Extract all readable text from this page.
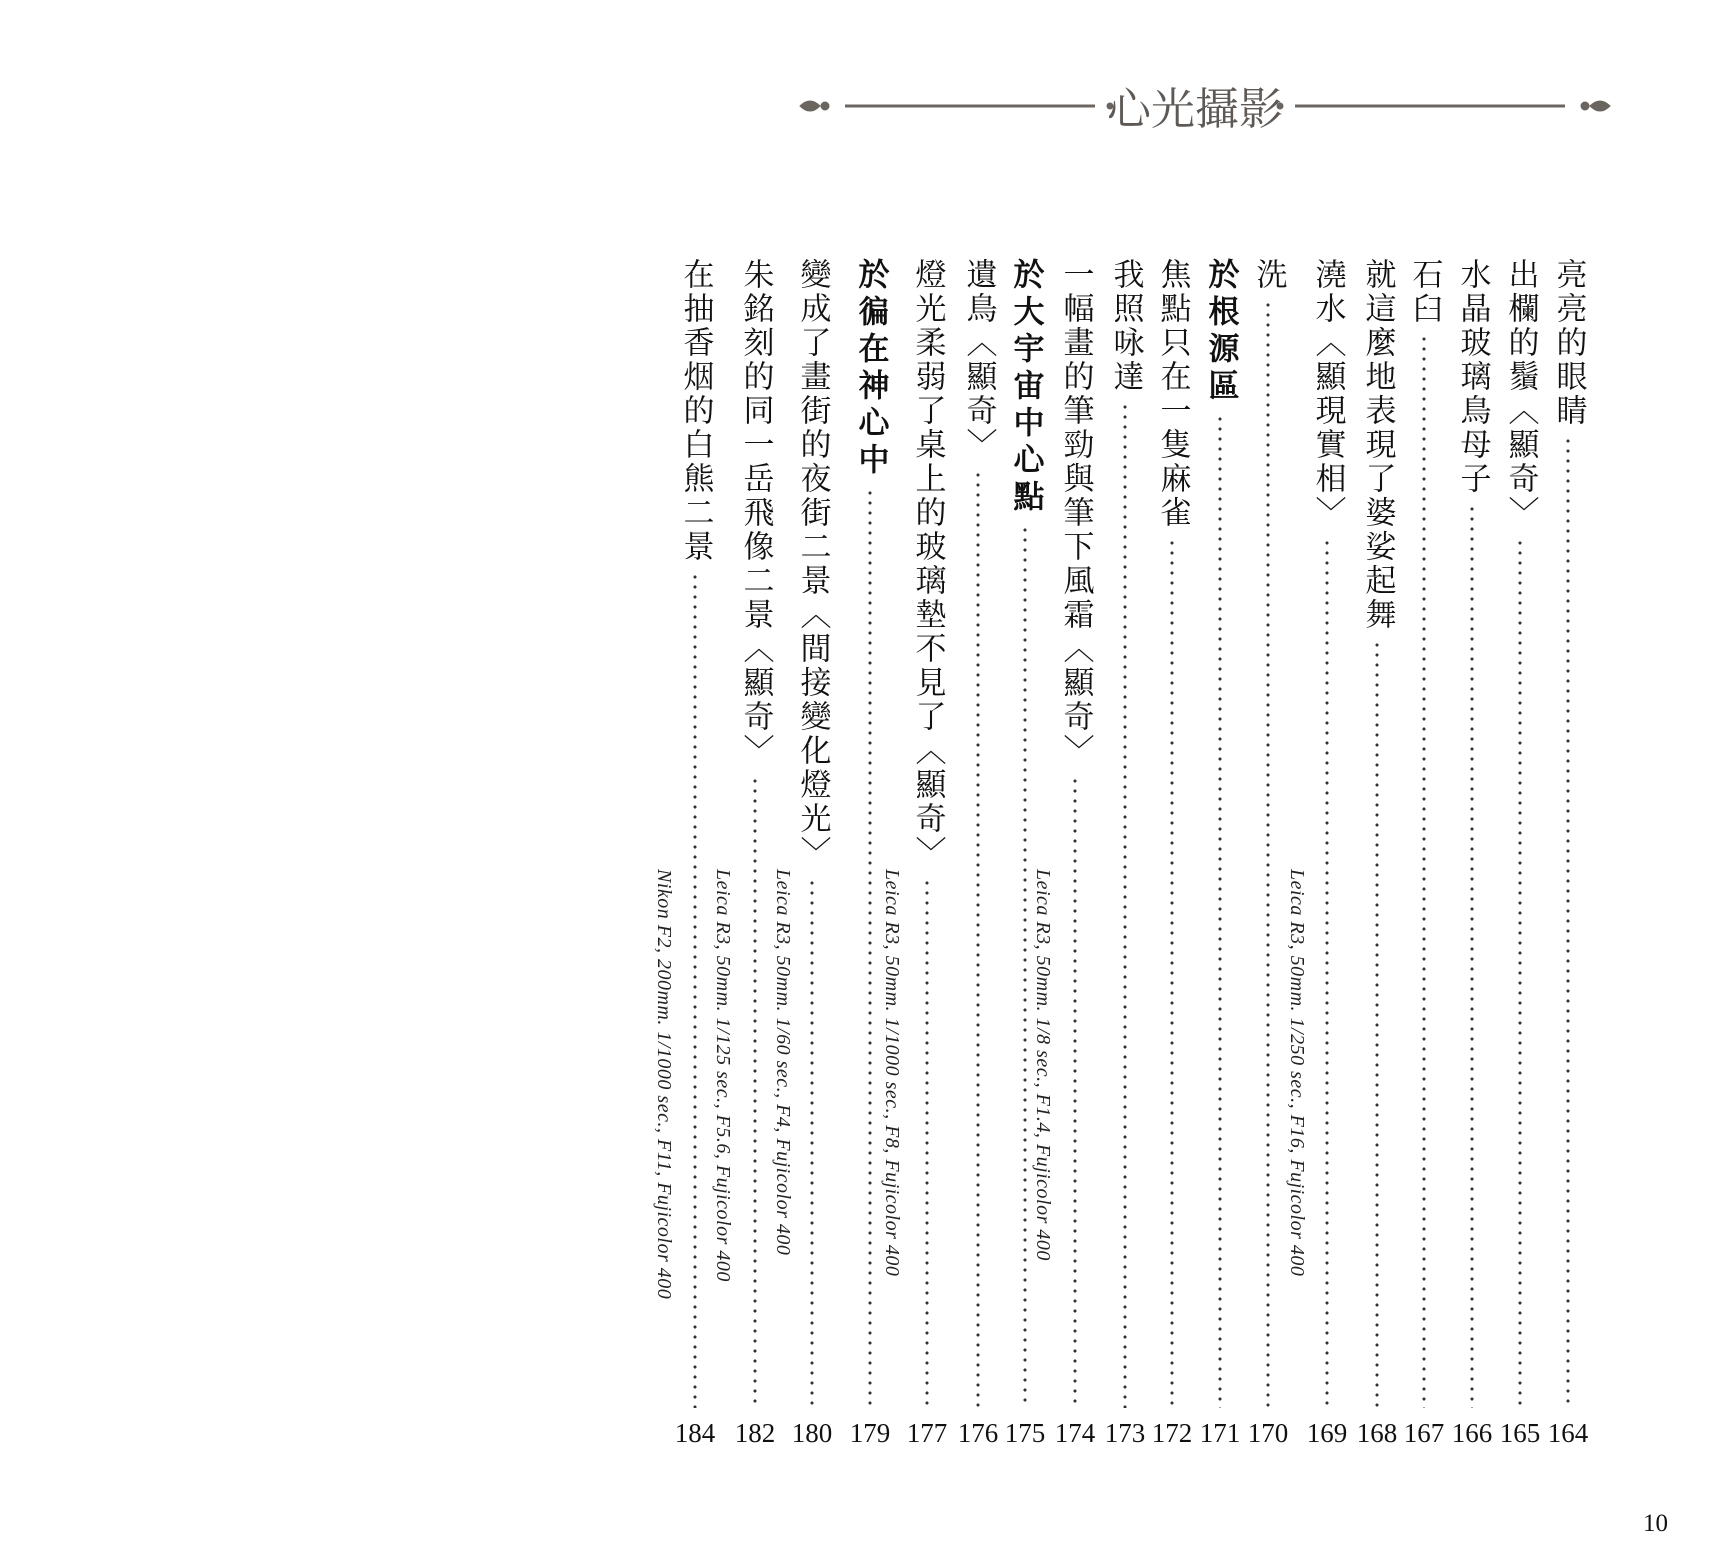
心光攝影
亮亮的眼睛
164
出欄的鬚〈顯奇〉
165
水晶玻璃鳥母子
166
石臼
167
就這麼地表現了婆娑起舞
168
澆水〈顯現實相〉
169
Leica R3, 50mm. 1/250 sec., F16, Fujicolor 400
洗
170
於根源區
171
焦點只在一隻麻雀
172
我照咏達
173
一幅畫的筆勁與筆下風霜〈顯奇〉
174
Leica R3, 50mm. 1/8 sec., F1.4, Fujicolor 400
於大宇宙中心點
175
遺鳥〈顯奇〉
176
燈光柔弱了桌上的玻璃墊不見了〈顯奇〉
177
Leica R3, 50mm. 1/1000 sec., F8, Fujicolor 400
於徧在神心中
179
變成了畫街的夜街二景〈間接變化燈光〉
180
Leica R3, 50mm. 1/60 sec., F4, Fujicolor 400
朱銘刻的同一岳飛像二景〈顯奇〉
182
Leica R3, 50mm. 1/125 sec., F5.6, Fujicolor 400
在抽香烟的白熊二景
184
Nikon F2, 200mm. 1/1000 sec., F11, Fujicolor 400
10
